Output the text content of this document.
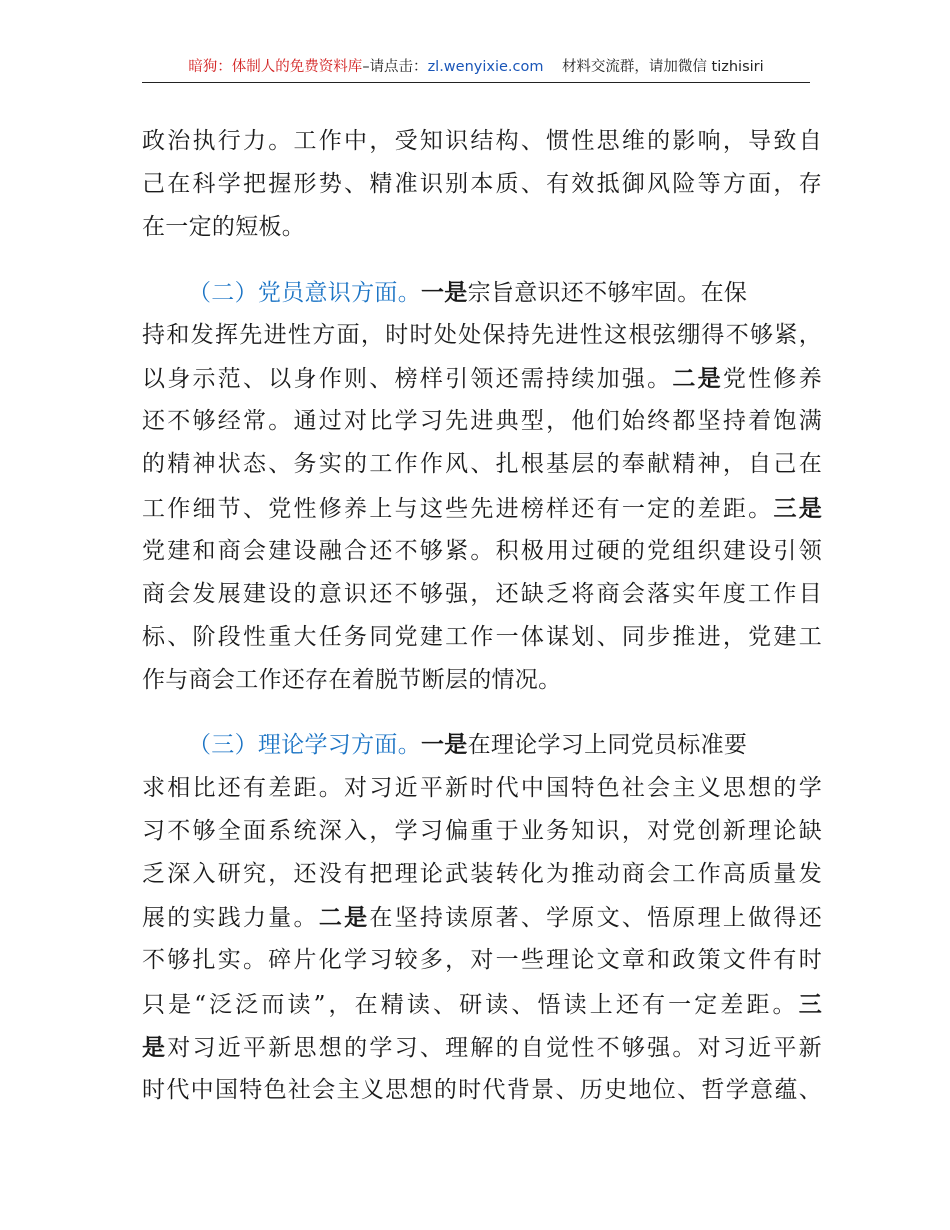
暗狗：体制人的免费资料库–请点击：zl.wenyixie.com 材料交流群，请加微信 tizhisiri
政治执行力。工作中，受知识结构、惯性思维的影响，导致自
己在科学把握形势、精准识别本质、有效抵御风险等方面，存
在一定的短板。
（二）党员意识方面。一是宗旨意识还不够牢固。在保
持和发挥先进性方面，时时处处保持先进性这根弦绷得不够紧，
以身示范、以身作则、榜样引领还需持续加强。二是党性修养
还不够经常。通过对比学习先进典型，他们始终都坚持着饱满
的精神状态、务实的工作作风、扎根基层的奉献精神，自己在
工作细节、党性修养上与这些先进榜样还有一定的差距。三是
党建和商会建设融合还不够紧。积极用过硬的党组织建设引领
商会发展建设的意识还不够强，还缺乏将商会落实年度工作目
标、阶段性重大任务同党建工作一体谋划、同步推进，党建工
作与商会工作还存在着脱节断层的情况。
（三）理论学习方面。一是在理论学习上同党员标准要
求相比还有差距。对习近平新时代中国特色社会主义思想的学
习不够全面系统深入，学习偏重于业务知识，对党创新理论缺
乏深入研究，还没有把理论武装转化为推动商会工作高质量发
展的实践力量。二是在坚持读原著、学原文、悟原理上做得还
不够扎实。碎片化学习较多，对一些理论文章和政策文件有时
只是“泛泛而读”，在精读、研读、悟读上还有一定差距。三
是对习近平新思想的学习、理解的自觉性不够强。对习近平新
时代中国特色社会主义思想的时代背景、历史地位、哲学意蕴、
